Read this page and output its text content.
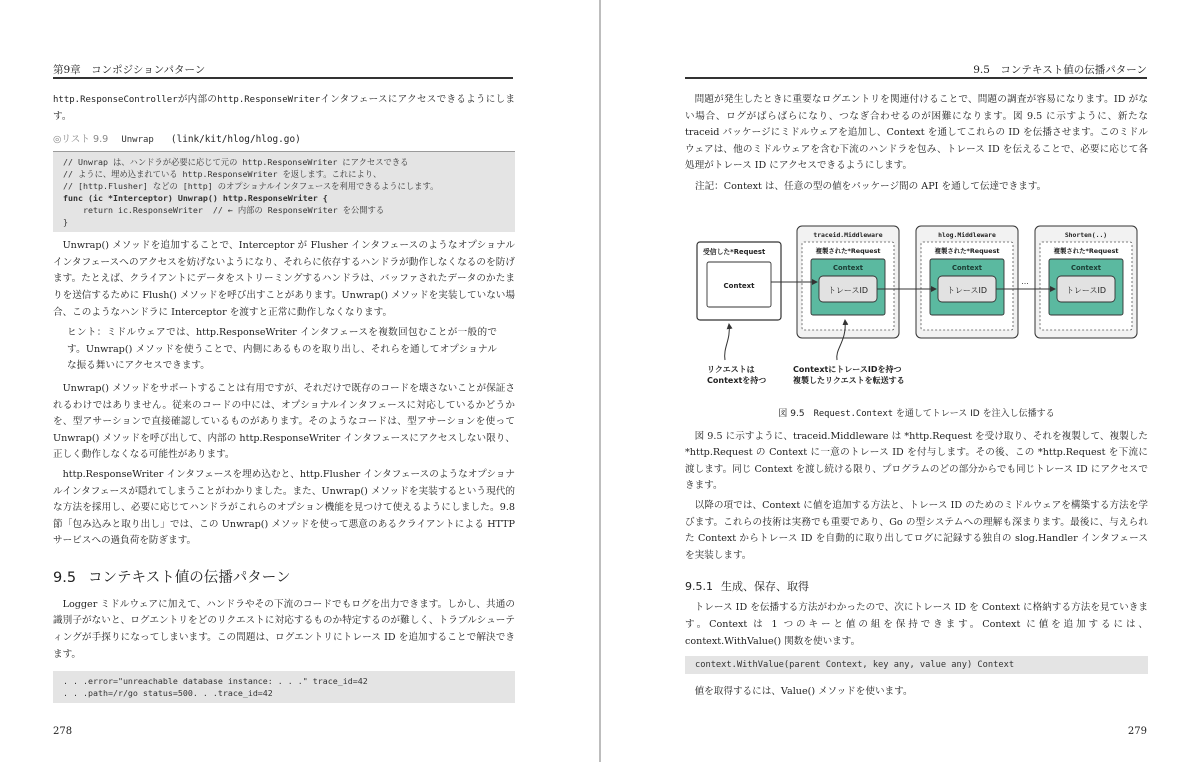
第9章　コンポジションパターン

http.ResponseControllerが内部のhttp.ResponseWriterインタフェースにアクセスできるようにします。

◎リスト 9.9 Unwrap (link/kit/hlog/hlog.go)
// Unwrap は、ハンドラが必要に応じて元の http.ResponseWriter にアクセスできる
// ように、埋め込まれている http.ResponseWriter を返します。これにより、
// [http.Flusher] などの [http] のオプショナルインタフェースを利用できるようにします。
func (ic *Interceptor) Unwrap() http.ResponseWriter {
return ic.ResponseWriter  // ← 内部の ResponseWriter を公開する
}

Unwrap() メソッドを追加することで、Interceptor が Flusher インタフェースのようなオプショナルインタフェースへのアクセスを妨げないようになり、それらに依存するハンドラが動作しなくなるのを防げます。たとえば、クライアントにデータをストリーミングするハンドラは、バッファされたデータのかたまりを送信するために Flush() メソッドを呼び出すことがあります。Unwrap() メソッドを実装していない場合、このようなハンドラに Interceptor を渡すと正常に動作しなくなります。

ヒント：ミドルウェアでは、http.ResponseWriter インタフェースを複数回包むことが一般的です。Unwrap() メソッドを使うことで、内側にあるものを取り出し、それらを通してオプショナルな振る舞いにアクセスできます。

Unwrap() メソッドをサポートすることは有用ですが、それだけで既存のコードを壊さないことが保証されるわけではありません。従来のコードの中には、オプショナルインタフェースに対応しているかどうかを、型アサーションで直接確認しているものがあります。そのようなコードは、型アサーションを使って Unwrap() メソッドを呼び出して、内部の http.ResponseWriter インタフェースにアクセスしない限り、正しく動作しなくなる可能性があります。

http.ResponseWriter インタフェースを埋め込むと、http.Flusher インタフェースのようなオプショナルインタフェースが隠れてしまうことがわかりました。また、Unwrap() メソッドを実装するという現代的な方法を採用し、必要に応じてハンドラがこれらのオプション機能を見つけて使えるようにしました。9.8 節「包み込みと取り出し」では、この Unwrap() メソッドを使って悪意のあるクライアントによる HTTP サービスへの過負荷を防ぎます。

9.5 コンテキスト値の伝播パターン

Logger ミドルウェアに加えて、ハンドラやその下流のコードでもログを出力できます。しかし、共通の識別子がないと、ログエントリをどのリクエストに対応するものか特定するのが難しく、トラブルシューティングが手探りになってしまいます。この問題は、ログエントリにトレース ID を追加することで解決できます。

. . .error="unreachable database instance: . . ." trace_id=42
. . .path=/r/go status=500. . .trace_id=42
278
9.5　コンテキスト値の伝播パターン

問題が発生したときに重要なログエントリを関連付けることで、問題の調査が容易になります。ID がない場合、ログがばらばらになり、つなぎ合わせるのが困難になります。図 9.5 に示すように、新たな traceid パッケージにミドルウェアを追加し、Context を通してこれらの ID を伝播させます。このミドルウェアは、他のミドルウェアを含む下流のハンドラを包み、トレース ID を伝えることで、必要に応じて各処理がトレース ID にアクセスできるようにします。

注記：Context は、任意の型の値をパッケージ間の API を通して伝達できます。

受信した*Request
Context
traceid.Middleware
複製された*Request
Context
トレースID
hlog.Middleware
複製された*Request
Context
トレースID
Shorten(..)
複製された*Request
Context
トレースID
...
リクエストは
Contextを持つ
ContextにトレースIDを持つ
複製したリクエストを転送する
図 9.5　Request.Context を通してトレース ID を注入し伝播する

図 9.5 に示すように、traceid.Middleware は *http.Request を受け取り、それを複製して、複製した *http.Request の Context に一意のトレース ID を付与します。その後、この *http.Request を下流に渡します。同じ Context を渡し続ける限り、プログラムのどの部分からでも同じトレース ID にアクセスできます。

以降の項では、Context に値を追加する方法と、トレース ID のためのミドルウェアを構築する方法を学びます。これらの技術は実務でも重要であり、Go の型システムへの理解も深まります。最後に、与えられた Context からトレース ID を自動的に取り出してログに記録する独自の slog.Handler インタフェースを実装します。

9.5.1 生成、保存、取得

トレース ID を伝播する方法がわかったので、次にトレース ID を Context に格納する方法を見ていきます。Context は 1 つのキーと値の組を保持できます。Context に値を追加するには、context.WithValue() 関数を使います。

context.WithValue(parent Context, key any, value any) Context

値を取得するには、Value() メソッドを使います。

279
